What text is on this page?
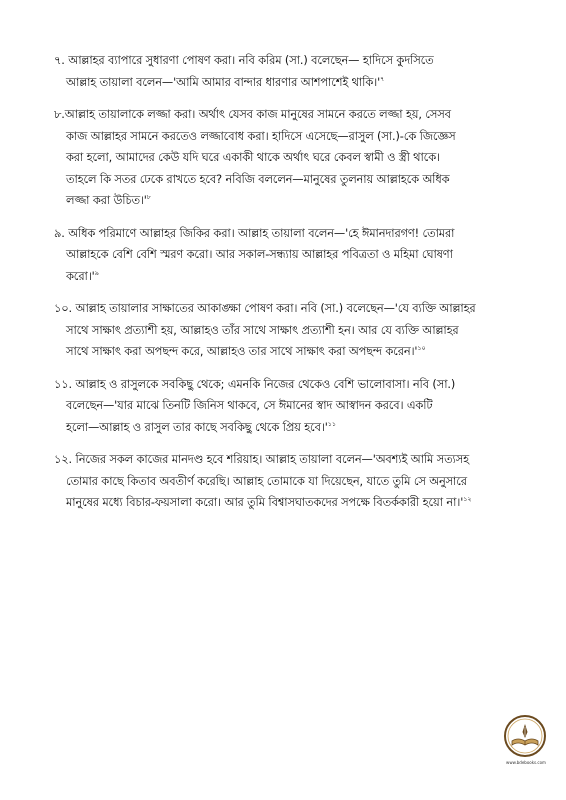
৭. আল্লাহর ব্যাপারে সুধারণা পোষণ করা। নবি করিম (সা.) বলেছেন— হাদিসে কুদসিতে
আল্লাহ তায়ালা বলেন—'আমি আমার বান্দার ধারণার আশপাশেই $থাকি।'^৭$

৮.আল্লাহ তায়ালাকে লজ্জা করা। অর্থাৎ যেসব কাজ মানুষের সামনে করতে লজ্জা হয়, সেসব
কাজ আল্লাহর সামনে করতেও লজ্জাবোধ করা। হাদিসে এসেছে—রাসুল (সা.)-কে জিজ্ঞেস
করা হলো, আমাদের কেউ যদি ঘরে একাকী থাকে অর্থাৎ ঘরে কেবল স্বামী ও স্ত্রী থাকে।
তাহলে কি সতর ঢেকে রাখতে হবে? নবিজি বললেন—মানুষের তুলনায় আল্লাহকে অধিক
লজ্জা করা $উচিত।'^৮$

৯. অধিক পরিমাণে আল্লাহর জিকির করা। আল্লাহ তায়ালা বলেন—'হে ঈমানদারগণ! তোমরা
আল্লাহকে বেশি বেশি স্মরণ করো। আর সকাল-সন্ধ্যায় আল্লাহর পবিত্রতা ও মহিমা ঘোষণা
$করো।'^৯$

১০. আল্লাহ তায়ালার সাক্ষাতের আকাঙ্ক্ষা পোষণ করা। নবি (সা.) বলেছেন—'যে ব্যক্তি আল্লাহর
সাথে সাক্ষাৎ প্রত্যাশী হয়, আল্লাহও তাঁর সাথে সাক্ষাৎ প্রত্যাশী হন। আর যে ব্যক্তি আল্লাহর
সাথে সাক্ষাৎ করা অপছন্দ করে, আল্লাহও তার সাথে সাক্ষাৎ করা অপছন্দ $করেন।'^{১০}$

১১. আল্লাহ ও রাসুলকে সবকিছু থেকে; এমনকি নিজের থেকেও বেশি ভালোবাসা। নবি (সা.)
বলেছেন—'যার মাঝে তিনটি জিনিস থাকবে, সে ঈমানের স্বাদ আস্বাদন করবে। একটি
হলো—আল্লাহ ও রাসুল তার কাছে সবকিছু থেকে প্রিয় $হবে।'^{১১}$

১২. নিজের সকল কাজের মানদণ্ড হবে শরিয়াহ। আল্লাহ তায়ালা বলেন—'অবশ্যই আমি সত্যসহ
তোমার কাছে কিতাব অবতীর্ণ করেছি। আল্লাহ তোমাকে যা দিয়েছেন, যাতে তুমি সে অনুসারে
মানুষের মধ্যে বিচার-ফয়সালা করো। আর তুমি বিশ্বাসঘাতকদের সপক্ষে বিতর্ককারী হয়ো $না।'^{১২}$

www.bdebooks.com
